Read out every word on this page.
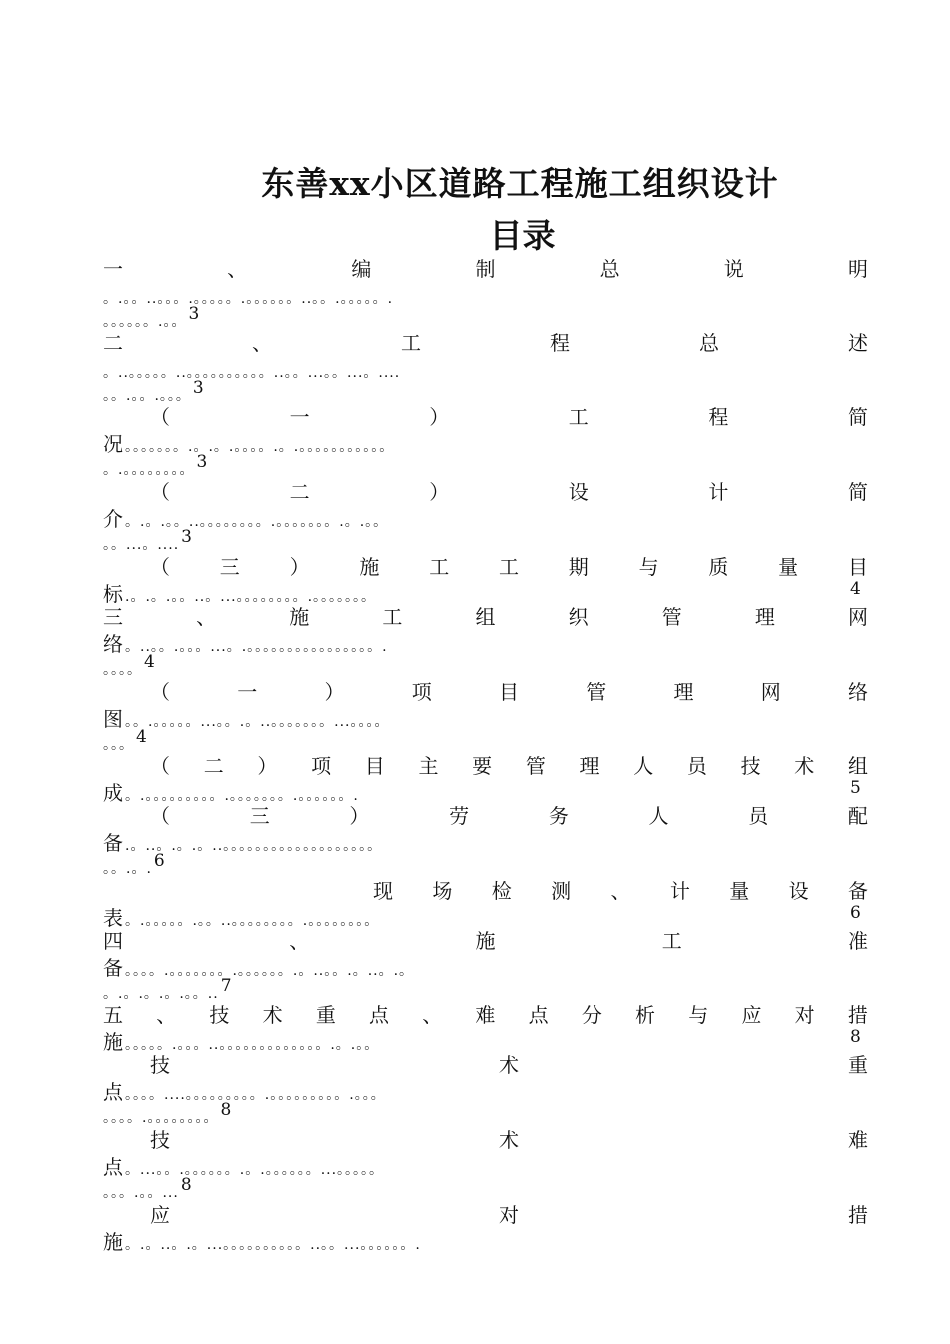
东善xx小区道路工程施工组织设计
目录
一	、	编	制	总	说	明
。.。。..。。。.。。。。。.。。。。。。..。。.。。。。。.
。。。。。。.。。 3
二	、	工	程	总	述
。..。。。。。..。。。。。。。。。。..。。...。。...。....
。。.。。.。。。 3
（	一	）	工	程	简
况 。。。。。。。.。.。.。。。。.。.。。。。。。。。。。。
。.。。。。。。。。 3
（	二	）	设	计	简
介 。.。.。。..。。。。。。。。.。。。。。。。.。.。。
。。...。.... 3
（ 三 ） 施 工 工 期 与 质 量 目
标 .。.。.。。..。...。。。。。。。。.。。。。。。。	4
三	、	施	工	组	织	管	理	网
络 。..。。.。。。...。.。。。。。。。。。。。。。。。。.
。。。。 4
（	一	）	项	目	管	理	网	络
图 。。.。。。。。...。。.。..。。。。。。。...。。。。
。。。 4
（ 二 ） 项 目 主 要 管 理 人 员 技 术 组
成 。.。。。。。。。。。.。。。。。。。.。。。。。。.	5
（	三	）	劳	务	人	员	配
备 .。..。.。.。..。。。。。。。。。。。。。。。。。。。
。。.。. 6
现 场 检 测 、 计 量 设 备
表 。.。。。。。.。。..。。。。。。。。.。。。。。。。。	6
四	、	施	工	准
备 。。。。.。。。。。。。.。。。。。。.。..。。.。..。.。
。.。.。.。.。。.. 7
五 、 技 术 重 点 、 难 点 分 析 与 应 对 措
施 。。。。。.。。。..。。。。。。。。。。。。。.。.。。	8
技	术	重
点 。。。。....。。。。。。。。。.。。。。。。。。。.。。。
。。。。.。。。。。。。。 8
技	术	难
点 。...。。.。。。。。。.。.。。。。。。...。。。。。
。。。.。。... 8
应	对	措
施 。.。..。.。...。。。。。。。。。。..。。...。。。。。。.
